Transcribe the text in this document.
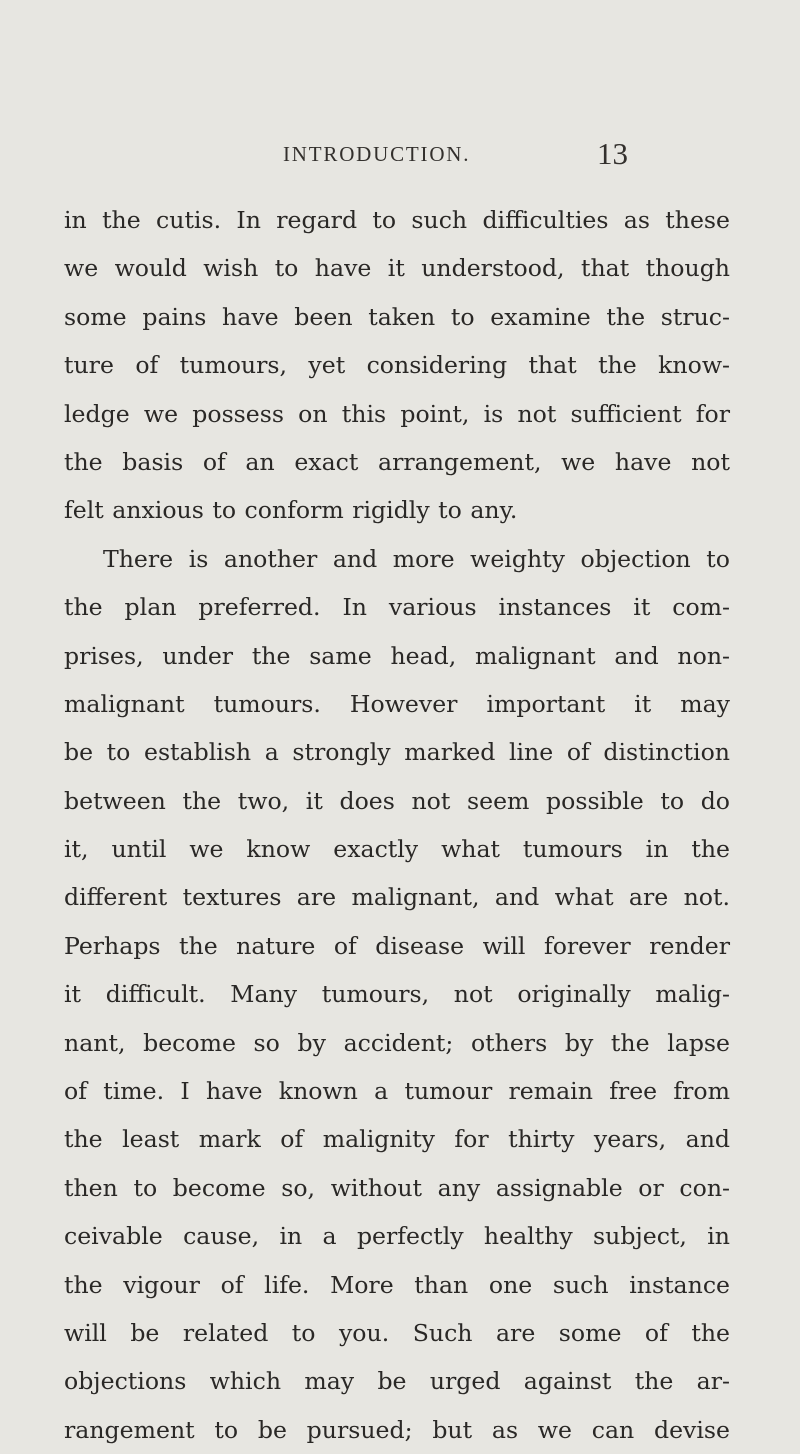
INTRODUCTION.	13
in the cutis. In regard to such difficulties as these
we would wish to have it understood, that though
some pains have been taken to examine the struc-
ture of tumours, yet considering that the know-
ledge we possess on this point, is not sufficient for
the basis of an exact arrangement, we have not
felt anxious to conform rigidly to any.
There is another and more weighty objection to
the plan preferred. In various instances it com-
prises, under the same head, malignant and non-
malignant tumours. However important it may
be to establish a strongly marked line of distinction
between the two, it does not seem possible to do
it, until we know exactly what tumours in the
different textures are malignant, and what are not.
Perhaps the nature of disease will forever render
it difficult. Many tumours, not originally malig-
nant, become so by accident; others by the lapse
of time. I have known a tumour remain free from
the least mark of malignity for thirty years, and
then to become so, without any assignable or con-
ceivable cause, in a perfectly healthy subject, in
the vigour of life. More than one such instance
will be related to you. Such are some of the
objections which may be urged against the ar-
rangement to be pursued; but as we can devise
